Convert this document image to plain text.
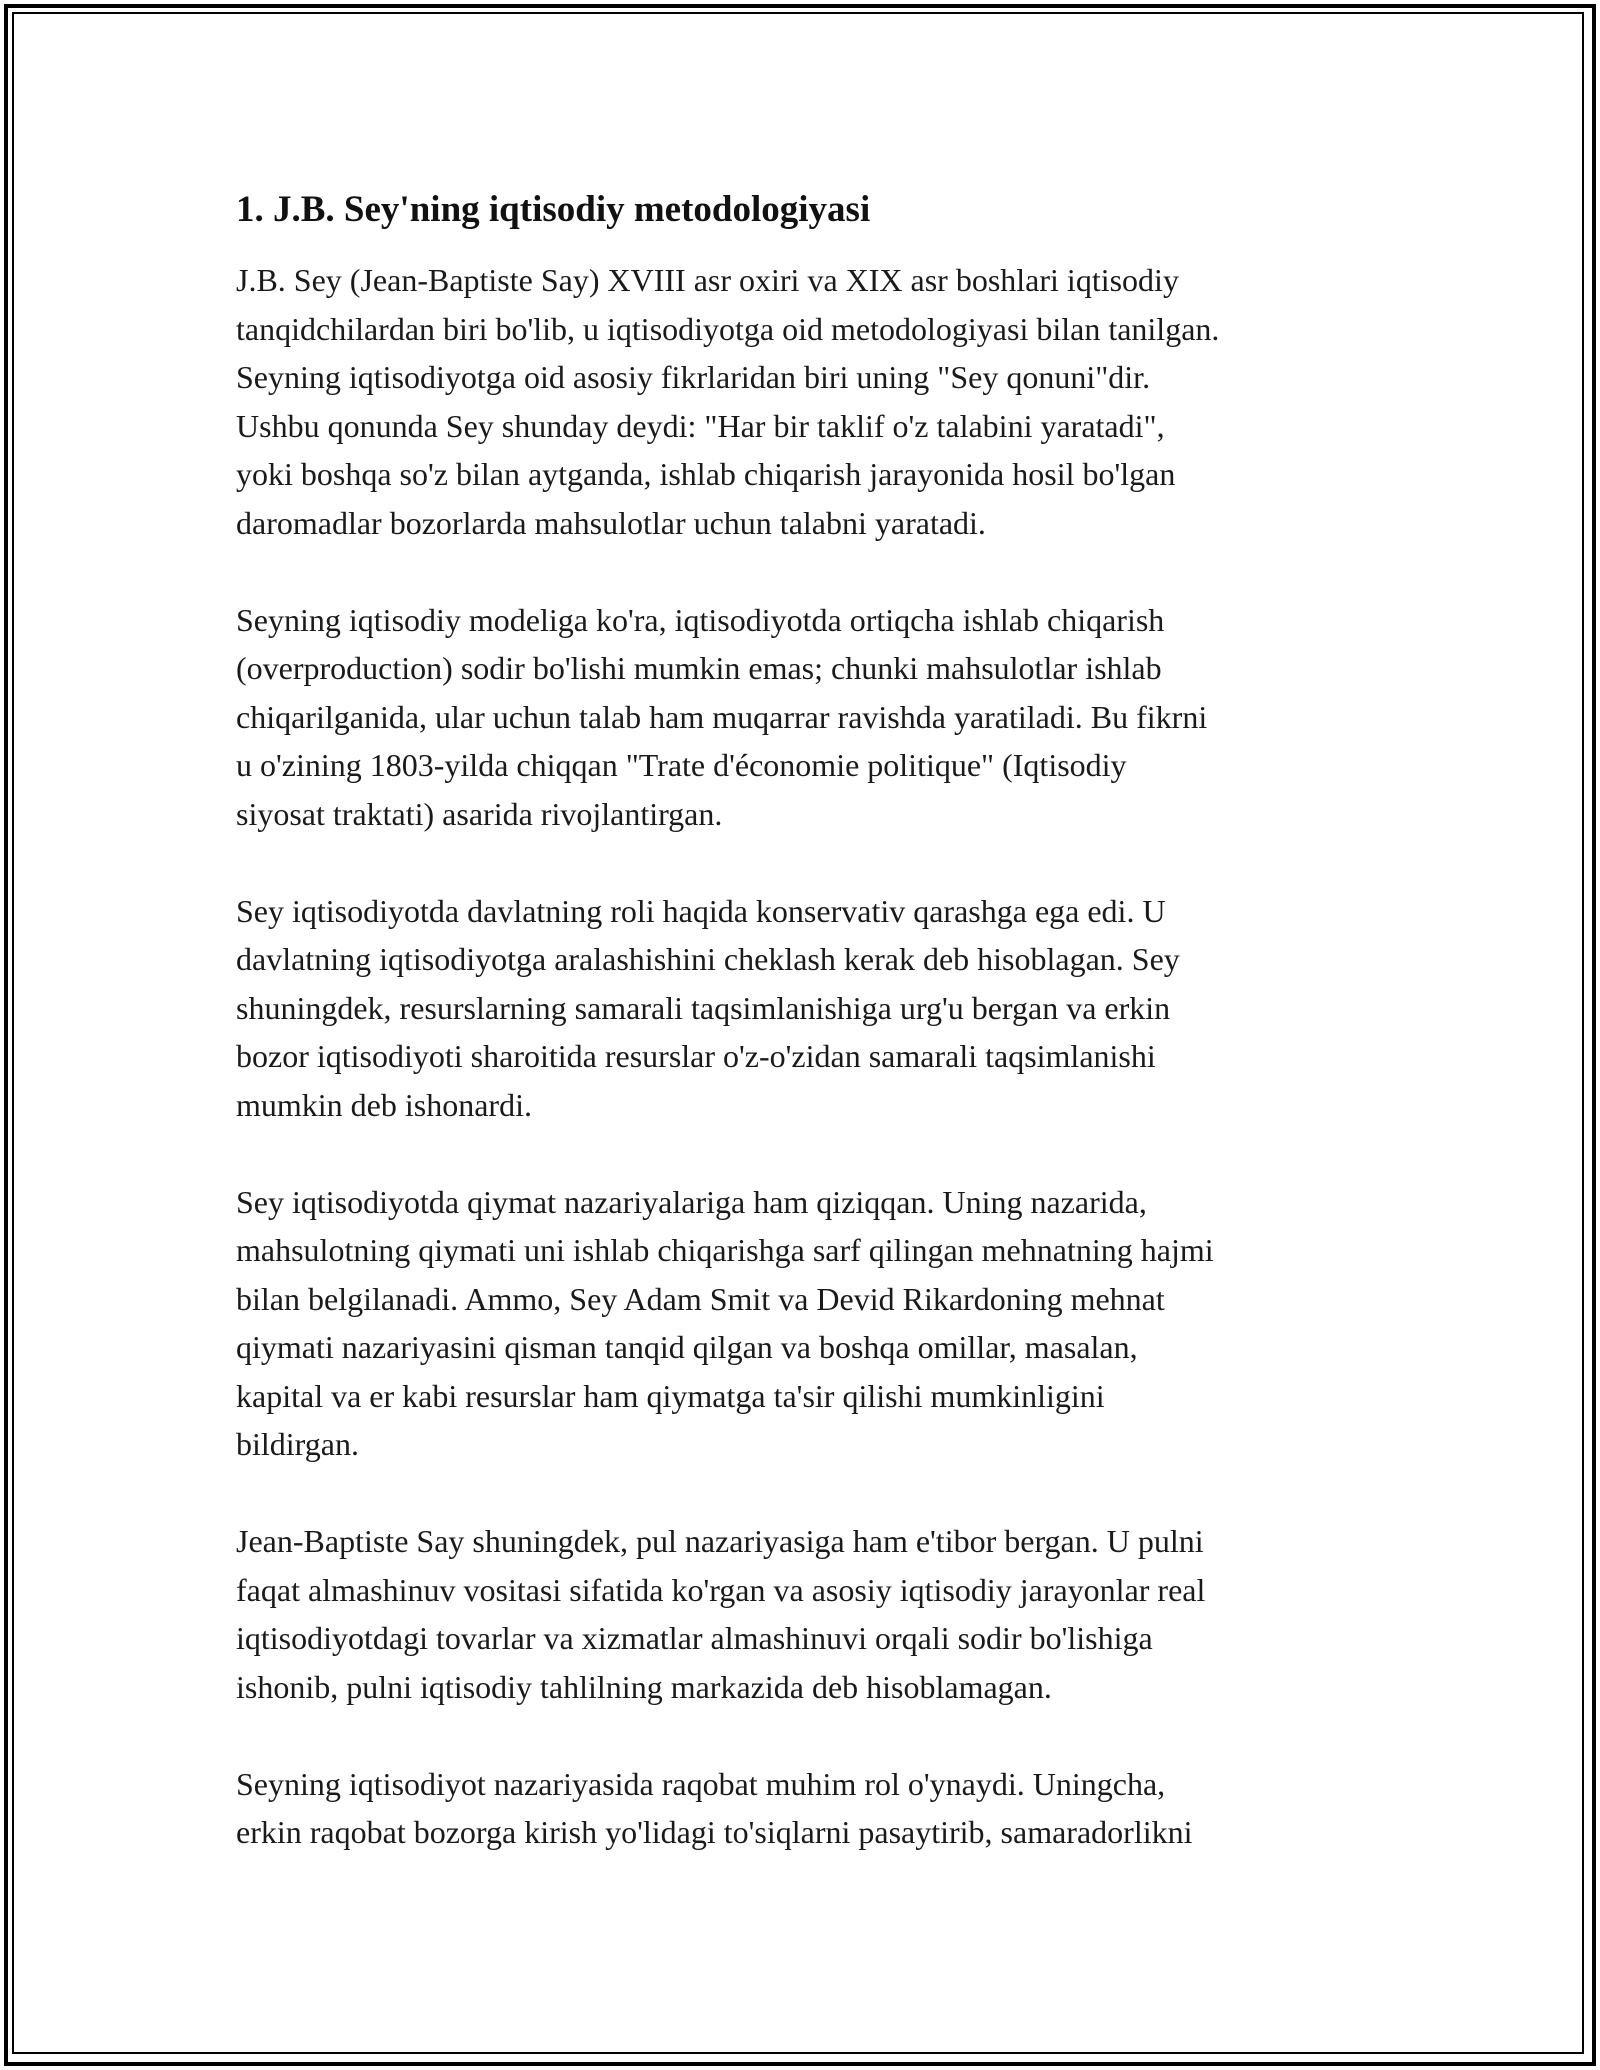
1. J.B. Sey'ning iqtisodiy metodologiyasi

J.B. Sey (Jean-Baptiste Say) XVIII asr oxiri va XIX asr boshlari iqtisodiy
tanqidchilardan biri bo'lib, u iqtisodiyotga oid metodologiyasi bilan tanilgan.
Seyning iqtisodiyotga oid asosiy fikrlaridan biri uning "Sey qonuni"dir.
Ushbu qonunda Sey shunday deydi: "Har bir taklif o'z talabini yaratadi",
yoki boshqa so'z bilan aytganda, ishlab chiqarish jarayonida hosil bo'lgan
daromadlar bozorlarda mahsulotlar uchun talabni yaratadi.

Seyning iqtisodiy modeliga ko'ra, iqtisodiyotda ortiqcha ishlab chiqarish
(overproduction) sodir bo'lishi mumkin emas; chunki mahsulotlar ishlab
chiqarilganida, ular uchun talab ham muqarrar ravishda yaratiladi. Bu fikrni
u o'zining 1803-yilda chiqqan "Trate d'économie politique" (Iqtisodiy
siyosat traktati) asarida rivojlantirgan.

Sey iqtisodiyotda davlatning roli haqida konservativ qarashga ega edi. U
davlatning iqtisodiyotga aralashishini cheklash kerak deb hisoblagan. Sey
shuningdek, resurslarning samarali taqsimlanishiga urg'u bergan va erkin
bozor iqtisodiyoti sharoitida resurslar o'z-o'zidan samarali taqsimlanishi
mumkin deb ishonardi.

Sey iqtisodiyotda qiymat nazariyalariga ham qiziqqan. Uning nazarida,
mahsulotning qiymati uni ishlab chiqarishga sarf qilingan mehnatning hajmi
bilan belgilanadi. Ammo, Sey Adam Smit va Devid Rikardoning mehnat
qiymati nazariyasini qisman tanqid qilgan va boshqa omillar, masalan,
kapital va er kabi resurslar ham qiymatga ta'sir qilishi mumkinligini
bildirgan.

Jean-Baptiste Say shuningdek, pul nazariyasiga ham e'tibor bergan. U pulni
faqat almashinuv vositasi sifatida ko'rgan va asosiy iqtisodiy jarayonlar real
iqtisodiyotdagi tovarlar va xizmatlar almashinuvi orqali sodir bo'lishiga
ishonib, pulni iqtisodiy tahlilning markazida deb hisoblamagan.

Seyning iqtisodiyot nazariyasida raqobat muhim rol o'ynaydi. Uningcha,
erkin raqobat bozorga kirish yo'lidagi to'siqlarni pasaytirib, samaradorlikni
